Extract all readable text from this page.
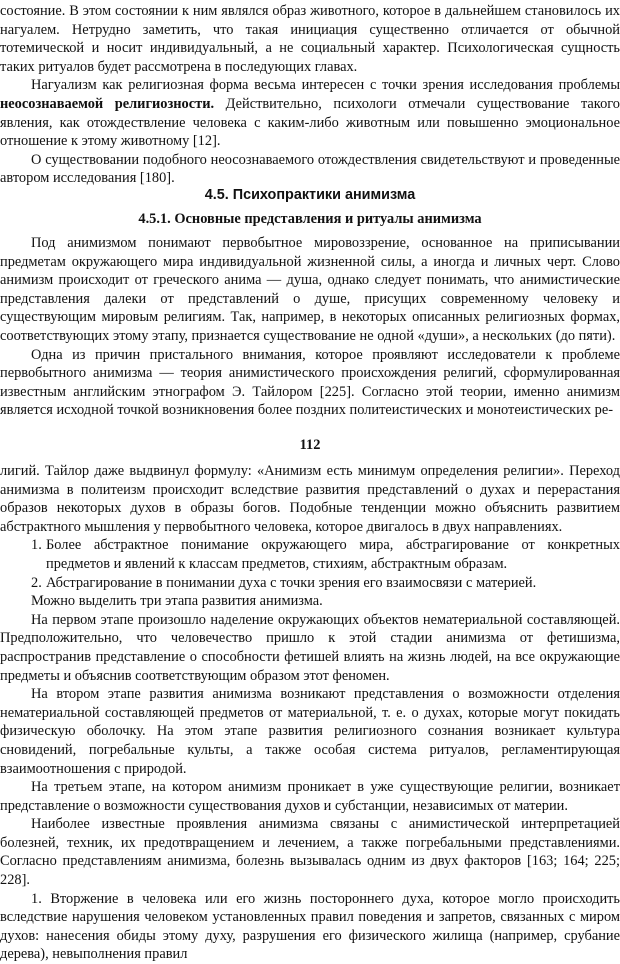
состояние. В этом состоянии к ним являлся образ животного, которое в дальнейшем становилось их нагуалем. Нетрудно заметить, что такая инициация существенно отличается от обычной тотемической и носит индивидуальный, а не социальный характер. Психологическая сущность таких ритуалов будет рассмотрена в последующих главах.

Нагуализм как религиозная форма весьма интересен с точки зрения исследования проблемы неосознаваемой религиозности. Действительно, психологи отмечали существование такого явления, как отождествление человека с каким-либо животным или повышенно эмоциональное отношение к этому животному [12].

О существовании подобного неосознаваемого отождествления свидетельствуют и проведенные автором исследования [180].

4.5. Психопрактики анимизма
4.5.1. Основные представления и ритуалы анимизма

Под анимизмом понимают первобытное мировоззрение, основанное на приписывании предметам окружающего мира индивидуальной жизненной силы, а иногда и личных черт. Слово анимизм происходит от греческого анима — душа, однако следует понимать, что анимистические представления далеки от представлений о душе, присущих современному человеку и существующим мировым религиям. Так, например, в некоторых описанных религиозных формах, соответствующих этому этапу, признается существование не одной «души», а нескольких (до пяти).

Одна из причин пристального внимания, которое проявляют исследователи к проблеме первобытного анимизма — теория анимистического происхождения религий, сформулированная известным английским этнографом Э. Тайлором [225]. Согласно этой теории, именно анимизм является исходной точкой возникновения более поздних политеистических и монотеистических ре-

112

лигий. Тайлор даже выдвинул формулу: «Анимизм есть минимум определения религии». Переход анимизма в политеизм происходит вследствие развития представлений о духах и перерастания образов некоторых духов в образы богов. Подобные тенденции можно объяснить развитием абстрактного мышления у первобытного человека, которое двигалось в двух направлениях.

1. Более абстрактное понимание окружающего мира, абстрагирование от конкретных предметов и явлений к классам предметов, стихиям, абстрактным образам.

2. Абстрагирование в понимании духа с точки зрения его взаимосвязи с материей.

Можно выделить три этапа развития анимизма.

На первом этапе произошло наделение окружающих объектов нематериальной составляющей. Предположительно, что человечество пришло к этой стадии анимизма от фетишизма, распространив представление о способности фетишей влиять на жизнь людей, на все окружающие предметы и объяснив соответствующим образом этот феномен.

На втором этапе развития анимизма возникают представления о возможности отделения нематериальной составляющей предметов от материальной, т. е. о духах, которые могут покидать физическую оболочку. На этом этапе развития религиозного сознания возникает культура сновидений, погребальные культы, а также особая система ритуалов, регламентирующая взаимоотношения с природой.

На третьем этапе, на котором анимизм проникает в уже существующие религии, возникает представление о возможности существования духов и субстанции, независимых от материи.

Наиболее известные проявления анимизма связаны с анимистической интерпретацией болезней, техник, их предотвращением и лечением, а также погребальными представлениями. Согласно представлениям анимизма, болезнь вызывалась одним из двух факторов [163; 164; 225; 228].

1. Вторжение в человека или его жизнь постороннего духа, которое могло происходить вследствие нарушения человеком установленных правил поведения и запретов, связанных с миром духов: нанесения обиды этому духу, разрушения его физического жилища (например, срубание дерева), невыполнения правил
